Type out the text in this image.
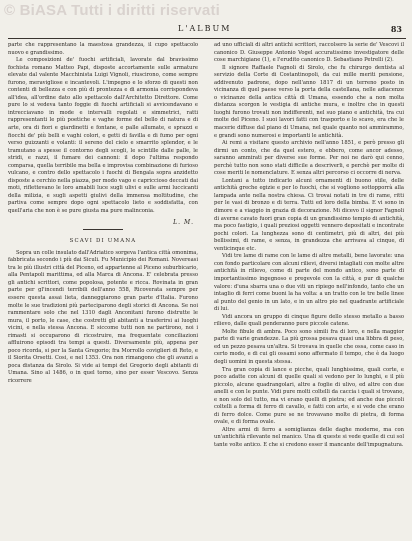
© BiASA Tutti i diritti riservati
L'ALBUM	83

parte che rappresentano la maestosa grandezza, il cupo spettacolo nuovo e grandissimo.

Le composizioni de' fuochi artificiali, lavorate dal bravissimo fochista romano Matteo Papi, disposte accortamente sulle armature elevate dal valente Macchinista Luigi Vignoli, riuscirono, come sempre furono, meravigliose e incantevoli. L'impegno e lo sforzo di questi non contenti di bellezza e con più di prontezza e di armonia corrispondeva all'idea, all'ordine dato allo spettacolo dall'Architetto Direttore. Come pure lo si vedeva tanto foggie di fuochi artificiali si avvicendavano e intrecciavano in mode e intervalli regolati e simmetrici, ratti rappresentanti le più poetiche e vaghe forme del bello di natura e di arte, ora di fiori e giardinetti e fontane, e palle allumate, e sprazzi e fiocchi de' più belli e vaghi colori, e getti di favilla e di fumo per ogni verso guizzanti e volanti: il sereno del cielo e smarrito splendor, e le tramutano a spesse il contorno degli scogli, le scintille dalle palle, le stridi, e razzi, il fumare dei cannoni: il dopo l'ultima respondo comparsa, quella terribile ma bella e improvisa combinazione di furioso vulcano, e contro dello spettacolo i fuochi di Bengala sopra anzidetto disposte a cerchio nella piazza, per modo vago e capriccioso deccati dai moti, riflettevano le loro amabili luce sugli ulivi e sulle armi luccicanti della milizia, e sugli aspetti giulivi della immensa moltitudine, che partiva come sempre dopo ogni spettacolo lieto e soddisfatta, con quell'aria che non è se pure giusta ma pure malinconia.

L. M.
SCAVI DI UMANA

Sopra un colle insulato dall'Adriatico sorgeva l'antica città omonima, fabbricata secondo i più dai Siculi. Fu Municipio dei Romani. Novereasi tra le più illustri città del Piceno, ed appartenne al Piceno suburbicario, alla Pentapoli marittima, ed alla Marca di Ancona. E' celebrata presso gli antichi scrittori, come popolosa, potente e ricca. Rovinata in gran parte per gl'incendi terribili dell'anno 558, Ricoverata sempre per essere questa assai lieta, danneggiarono gran parte d'Italia. Furono molte le sue tradizioni più parteciparono degli storici di Ancona. Se noi rammentare solo che nel 1310 dagli Anconitani furono distrutte le mura, il porto, le case, che costretti gli abitanti a trasferirsi ai luoghi vicini, e nella stessa Ancona. E siccome tutti non ne partirono, noi i rimasti si occuparono di ricostruire, ma frequentate conciliazioni affluirono episodi tra tempi a questi. Diversamente più, appena per poco ricorda, si per la Santa Gregorio; fra Morrollo coviglieri di Reto, e il Siorita Orsetti. Cosi, e nel 1353. Ora non rimangono che gli avanzi a poca distanza da Sirolo. Si vide ai tempi del Gregorio degli abitanti di Umana. Sino al 1486, o in quel torno, sino per esser Vescovo. Senza ricorrere

ad uno ufficiali di altri antichi scrittori, raccolsero la serie de' Vescovi il canonico D. Giuseppe Antonio Vogel accuratissimo investigatore delle cose marchigiane (1), e l'erudito canonico D. Sebastiano Petrelli (2).

Il signore Raffaele Fagnoli di Sirolo, che fu chirurgo dentista al servizio della Corte di Costantinopoli, da cui mille meriti pensione, addivenuto padrone, dopo nell'anno 1817 di un terreno posto in vicinanza di quel paese verso la porta della castellana, nelle adiacenze o vicinanze della antica città di Umana, essendo che a non molta distanza scorgon le vestigia di antiche mura, e inoltre che in questi luoghi furono trovati non indifferenti, nel suo piano e antichità, tra cui molte del Piceno. I suoi lavori fatti con trasporto e lo scavo, era che le macerie diffuse dal piano di Umana, nel quale quanto noi ammirammo, e grandi sono numerosi e importanti le antichità.

Ai remi a visitare questo archivio nell'anno 1851, e però presso gli dirmi un conto, che da quel estero, e ebbero, come ancor adesso, saranno ammirati per diverse sue forme. Per noi ne darò qui cenno, perchè tutto non sono stati difficile a descriverli, e perchè per molte di cose meriti le nomenclature. E senza altri percorso ci occorre di nerva.

Lontani a tutto indicarlo alcuni ornamenti di buono stile, delle antichità greche egizie e per lo fuochi, che si vogliono sottopporrà alla lampada ante nella nostra chiesa. Ci trovai notati in tre di rame, ritti per le vasi di bronzo e di terra. Tutti ed loro della bimba. E vi sono in dimore e a viaggio in grazia di decorazione. Mi dicevo il signor Fagnoli di averne cavato fuori gran copia di un grandissimo tempio di antichità, ma poco fastigio, i quali preziosi oggetti vennero depositati e incontrate pochi colori. La lunghezza sono di centimetri, più di altri, dei più bellissimi, di rame, e senza, in grandezza che arrivava al cinque, di venticinque etc.

Vidi tre lame di rame con le lame di altre metalli, bene lavorate: una con fondo particolare con alcuni rilievi, diversi intagliati con molte altre antichità in rilievo, come di parte del mondo antico, sono parte di importantissimo ingegnoso e pregevole con la città, e pur di qualche valore: d'una sbarra una o due viti un ripiego nell'infondo, tanto che un intaglio di ferri come buoni la ha volta: a un tratto con le tre belle linee al punto del genio in un lato, e in un altro pio nel quadrante artificiale di lui.

Vidi ancora un gruppo di cinque figure dello stesso metallo a basso rilievo, dalle quali penderanno pure piccole catene.

Molte fibule di ambra. Poco sono simili fra di loro, e nella maggior parte di varie grandezze. La più grossa pesava quasi una libbra di peso, ed un pezzo pesava un'altra. Si trovava in quelle che ossa, come caso in certo modo, e di cui gli ossami sono affermato il tempo, che è da luogo degli uomini in questa stessa.

Tra gran copia di lance e picche, quali lunghissime, quali corte, e poco adatte con alcuni di quelle quali si vedono per lo lunghi, e il più piccolo, alcune quadrangolari, altre a foglie di ulivo, ed altre con due anelli e con le punte. Vidi pure molti coltelli da caccia i quali si trovano, e non solo del tutto, ma vi erano quelli di pietra; ed anche due piccoli coltelli a forma di ferro di cavallo, e fatti con arte, e si vede che erano di ferro dolce. Come pure se ne trovavano molte di pietra, di forma ovale, e di forma ovale.

Altre armi di ferro a somiglianza delle daghe moderne, ma con un'antichità rilevante nel manico. Una di queste si vede quelle di cui sol tante volte antico. E che si credono esser il mancante dell'impugnatura.
